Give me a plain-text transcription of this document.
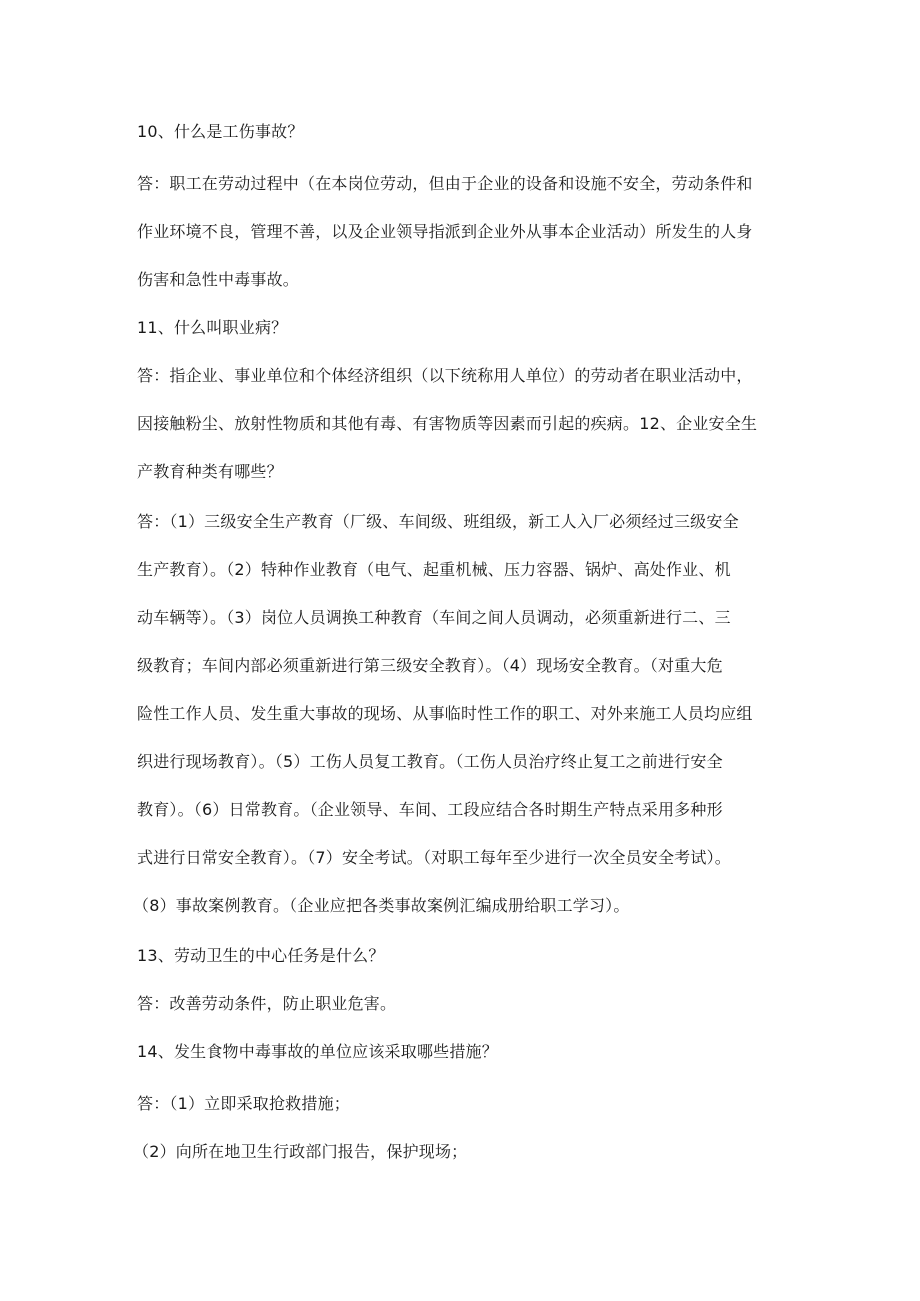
10、什么是工伤事故？
答：职工在劳动过程中（在本岗位劳动，但由于企业的设备和设施不安全，劳动条件和
作业环境不良，管理不善，以及企业领导指派到企业外从事本企业活动）所发生的人身
伤害和急性中毒事故。
11、什么叫职业病？
答：指企业、事业单位和个体经济组织（以下统称用人单位）的劳动者在职业活动中，
因接触粉尘、放射性物质和其他有毒、有害物质等因素而引起的疾病。12、企业安全生
产教育种类有哪些？
答：（1）三级安全生产教育（厂级、车间级、班组级，新工人入厂必须经过三级安全
生产教育）。（2）特种作业教育（电气、起重机械、压力容器、锅炉、高处作业、机
动车辆等）。（3）岗位人员调换工种教育（车间之间人员调动，必须重新进行二、三
级教育；车间内部必须重新进行第三级安全教育）。（4）现场安全教育。（对重大危
险性工作人员、发生重大事故的现场、从事临时性工作的职工、对外来施工人员均应组
织进行现场教育）。（5）工伤人员复工教育。（工伤人员治疗终止复工之前进行安全
教育）。（6）日常教育。（企业领导、车间、工段应结合各时期生产特点采用多种形
式进行日常安全教育）。（7）安全考试。（对职工每年至少进行一次全员安全考试）。
（8）事故案例教育。（企业应把各类事故案例汇编成册给职工学习）。
13、劳动卫生的中心任务是什么？
答：改善劳动条件，防止职业危害。
14、发生食物中毒事故的单位应该采取哪些措施？
答：（1）立即采取抢救措施；
（2）向所在地卫生行政部门报告，保护现场；
